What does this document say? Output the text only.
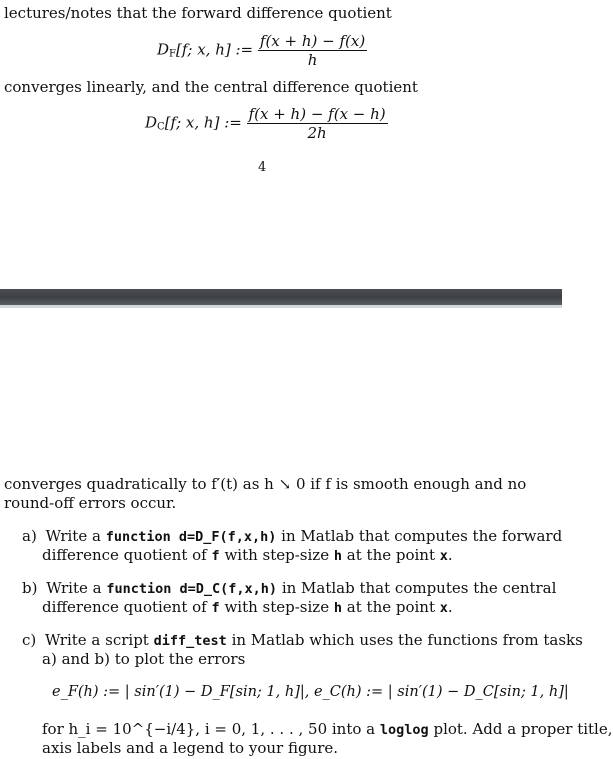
lectures/notes that the forward difference quotient
$D_F[f$; x, h] := $\frac{f(x + h) - f(x)}{h}$
converges linearly, and the central difference quotient
$D_C[f$; x, h] := $\frac{f(x + h) - f(x - h)}{2h}$
4
converges quadratically to f′(t) as h ↘ 0 if f is smooth enough and no
round-off errors occur.
a) Write a function d=D_F(f,x,h) in Matlab that computes the forward
difference quotient of f with step-size h at the point x.
b) Write a function d=D_C(f,x,h) in Matlab that computes the central
difference quotient of f with step-size h at the point x.
c) Write a script diff_test in Matlab which uses the functions from tasks
a) and b) to plot the errors
e_F(h) := | sin′(1) − D_F[sin; 1, h]|, e_C(h) := | sin′(1) − D_C[sin; 1, h]|
for h_i = 10^{−i/4}, i = 0, 1, . . . , 50 into a loglog plot. Add a proper title,
axis labels and a legend to your figure.
